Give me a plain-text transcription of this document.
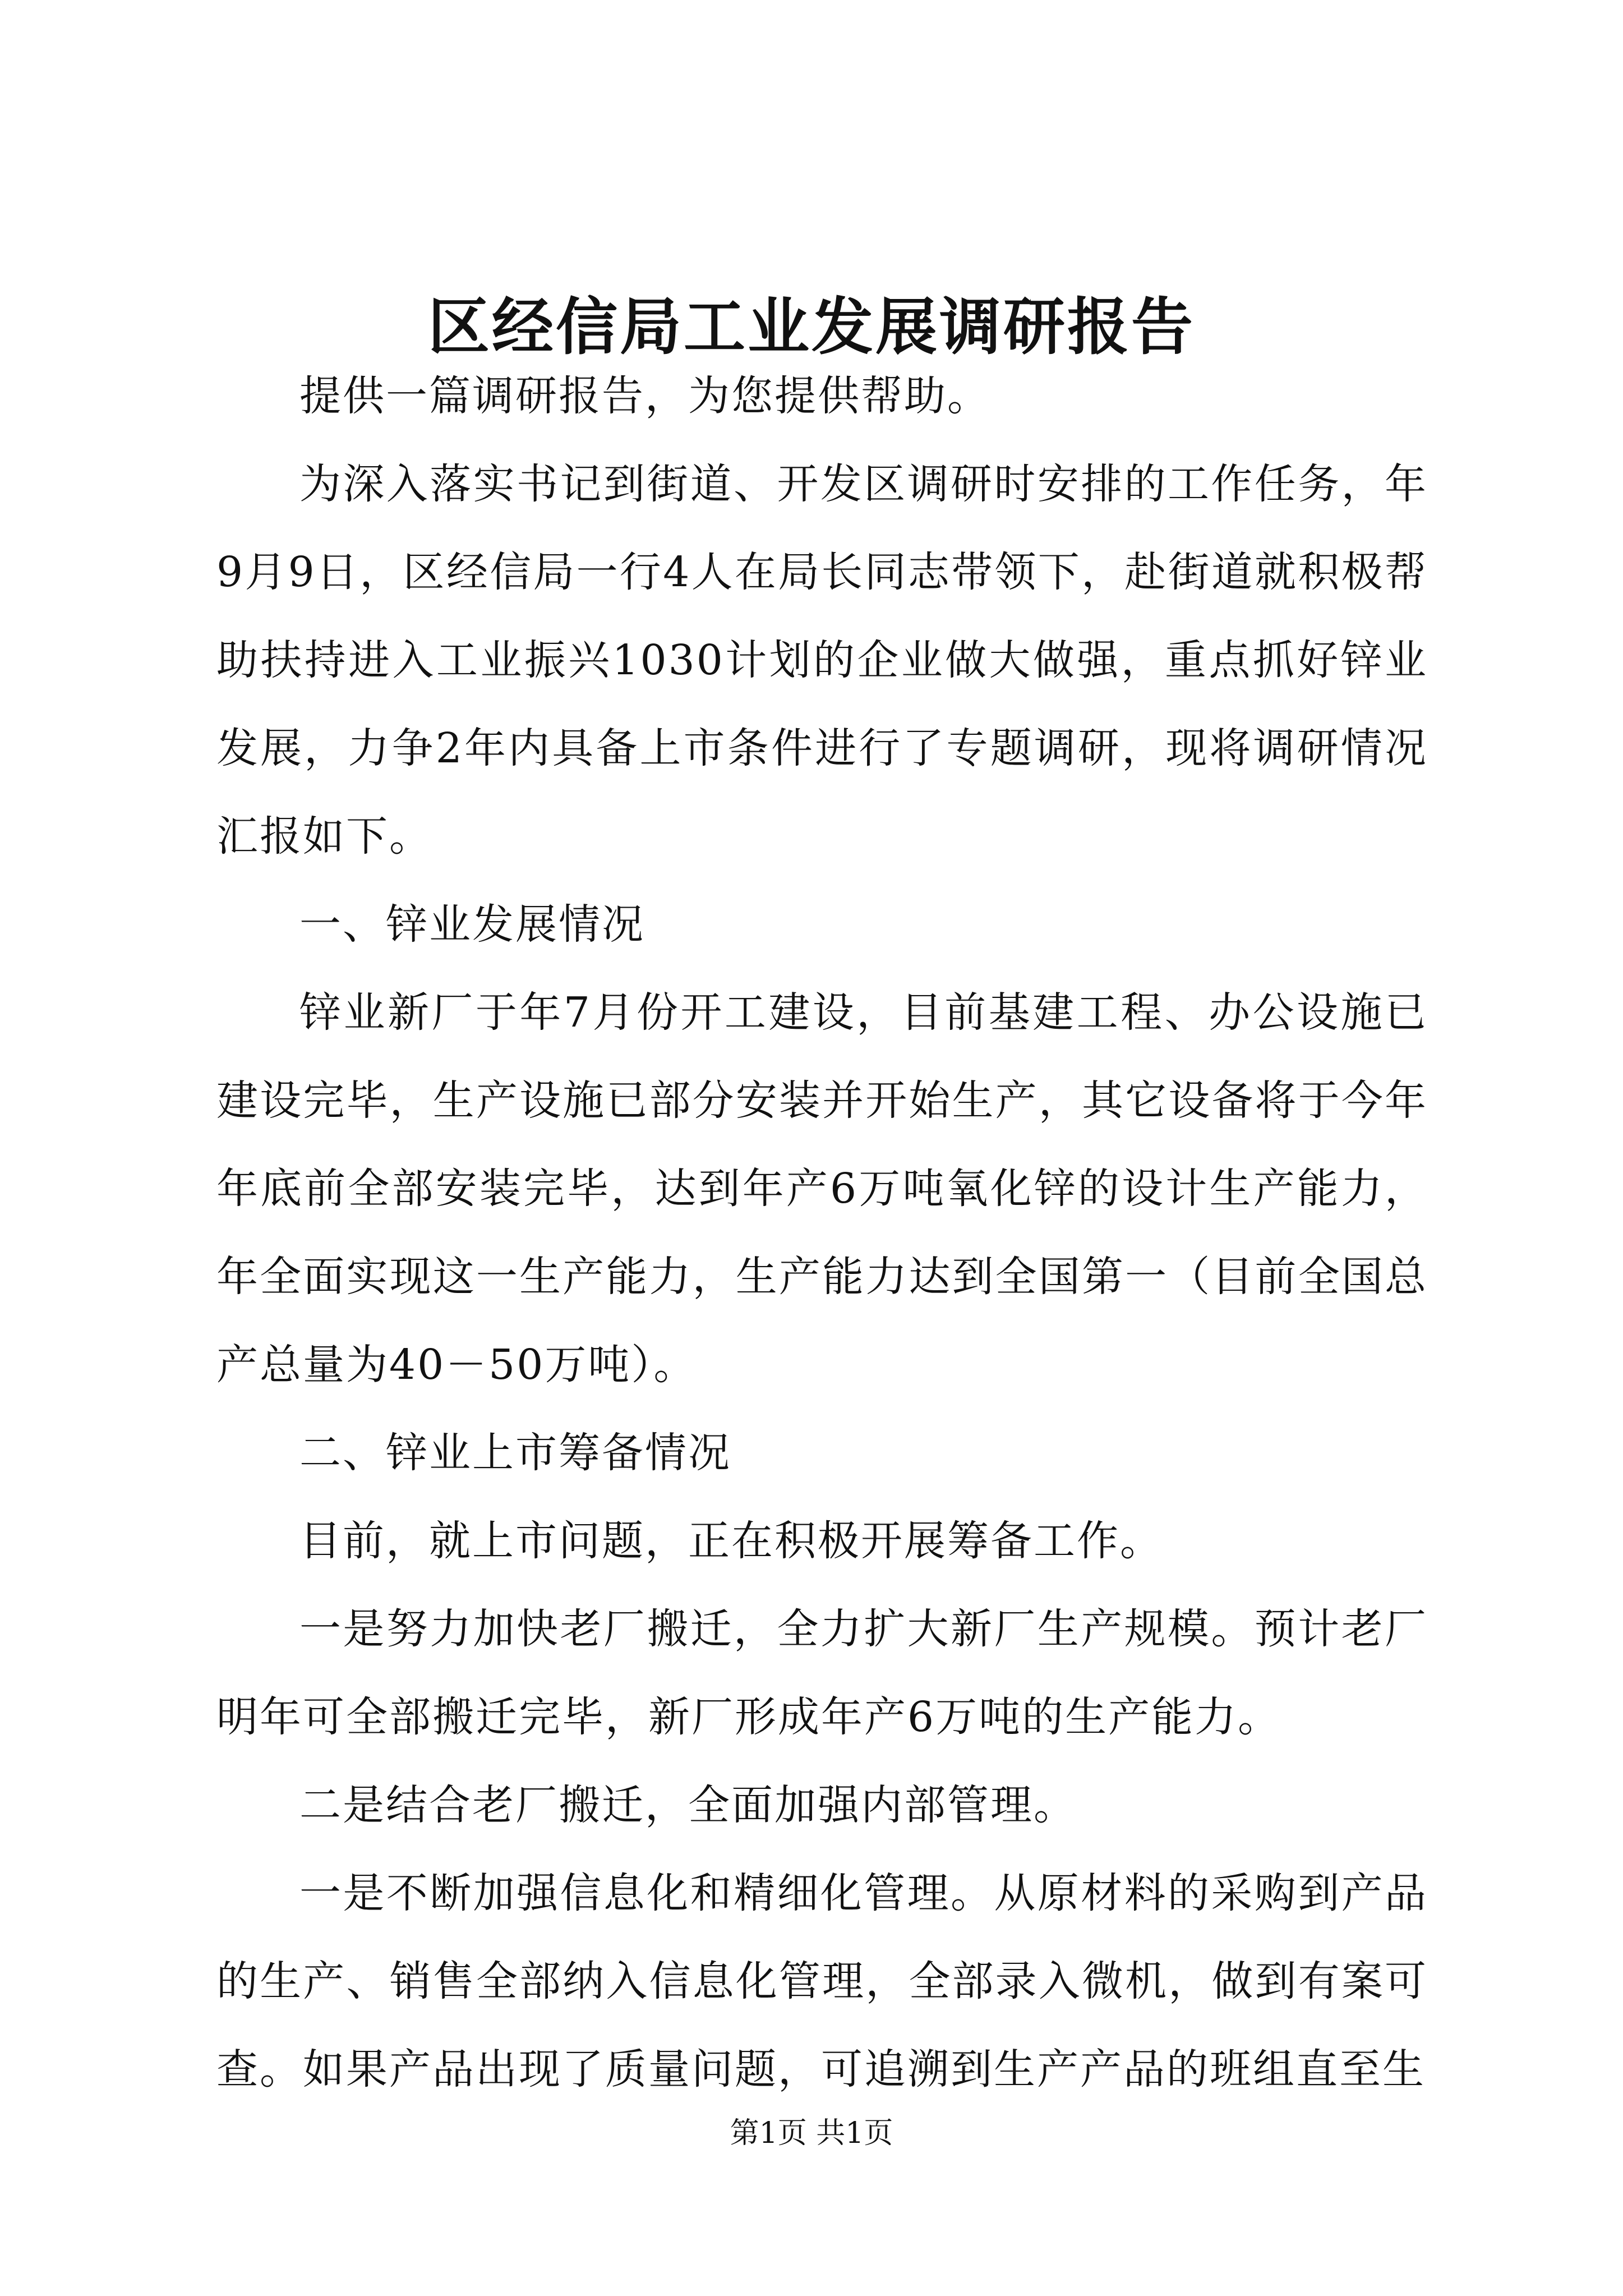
区经信局工业发展调研报告

提供一篇调研报告，为您提供帮助。

为深入落实书记到街道、开发区调研时安排的工作任务，年9月9日，区经信局一行4人在局长同志带领下，赴街道就积极帮助扶持进入工业振兴1030计划的企业做大做强，重点抓好锌业发展，力争2年内具备上市条件进行了专题调研，现将调研情况汇报如下。

一、锌业发展情况

锌业新厂于年7月份开工建设，目前基建工程、办公设施已建设完毕，生产设施已部分安装并开始生产，其它设备将于今年年底前全部安装完毕，达到年产6万吨氧化锌的设计生产能力，年全面实现这一生产能力，生产能力达到全国第一（目前全国总产总量为40－50万吨）。

二、锌业上市筹备情况

目前，就上市问题，正在积极开展筹备工作。

一是努力加快老厂搬迁，全力扩大新厂生产规模。预计老厂明年可全部搬迁完毕，新厂形成年产6万吨的生产能力。

二是结合老厂搬迁，全面加强内部管理。

一是不断加强信息化和精细化管理。从原材料的采购到产品的生产、销售全部纳入信息化管理，全部录入微机，做到有案可查。如果产品出现了质量问题，可追溯到生产产品的班组直至生

第1页 共1页
